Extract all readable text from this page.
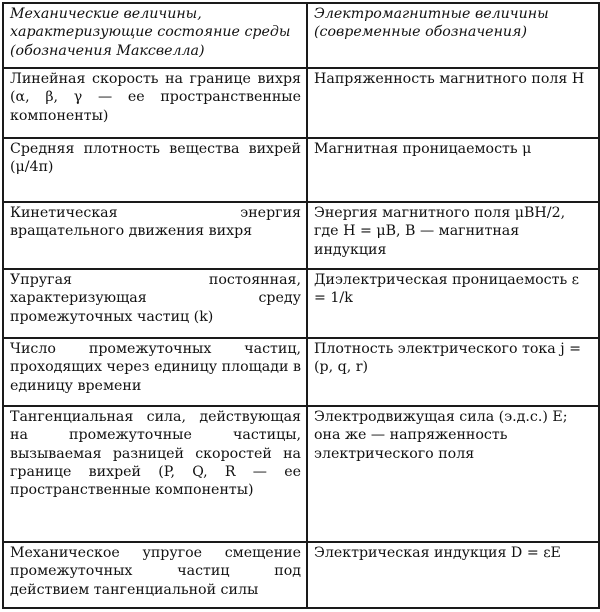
Механические величины, характеризующие состояние среды (обозначения Максвелла)	Электромагнитные величины (современные обозначения)
Линейная скорость на границе вихря (α, β, γ — ее пространственные компоненты)	Напряженность магнитного поля H
Средняя плотность вещества вихрей (μ/4π)	Магнитная проницаемость μ
Кинетическая энергия вращательного движения вихря	Энергия магнитного поля μBH/2, где H = μB, B — магнитная индукция
Упругая постоянная, характеризующая среду промежуточных частиц (k)	Диэлектрическая проницаемость ε = 1/k
Число промежуточных частиц, проходящих через единицу площади в единицу времени	Плотность электрического тока j = (p, q, r)
Тангенциальная сила, действующая на промежуточные частицы, вызываемая разницей скоростей на границе вихрей (P, Q, R — ее пространственные компоненты)	Электродвижущая сила (э.д.с.) E; она же — напряженность электрического поля
Механическое упругое смещение промежуточных частиц под действием тангенциальной силы	Электрическая индукция D = εE
